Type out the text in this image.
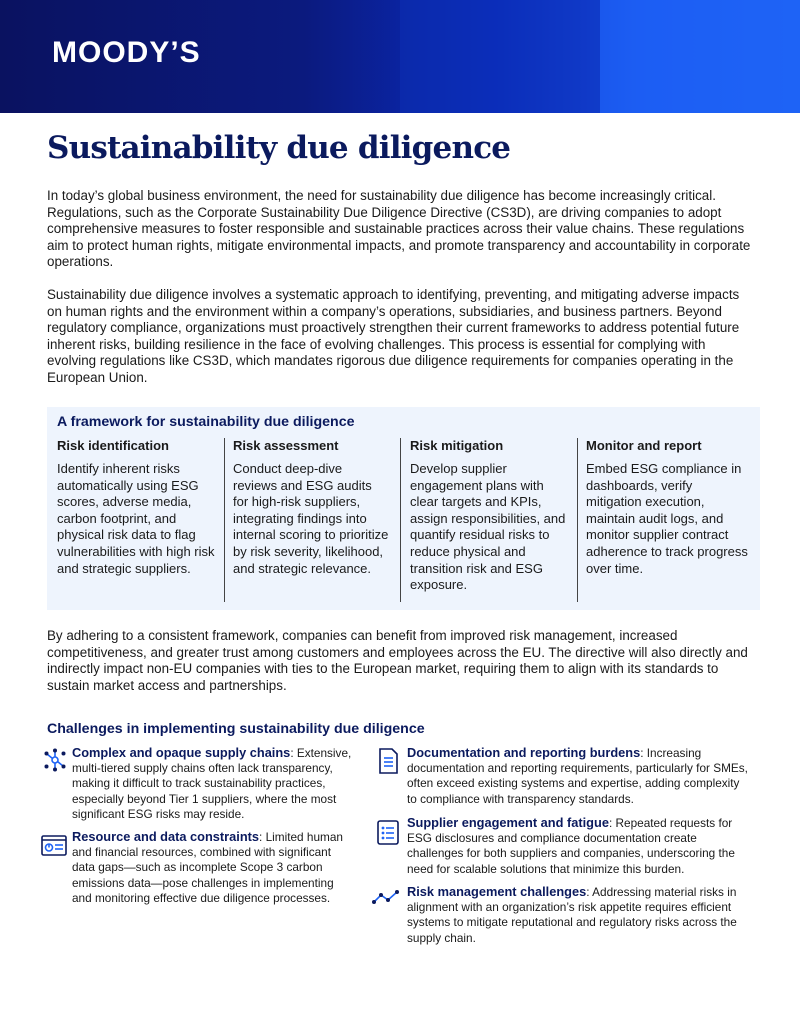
MOODY’S
Sustainability due diligence

In today’s global business environment, the need for sustainability due diligence has become increasingly critical. Regulations, such as the Corporate Sustainability Due Diligence Directive (CS3D), are driving companies to adopt comprehensive measures to foster responsible and sustainable practices across their value chains. These regulations aim to protect human rights, mitigate environmental impacts, and promote transparency and accountability in corporate operations.

Sustainability due diligence involves a systematic approach to identifying, preventing, and mitigating adverse impacts on human rights and the environment within a company’s operations, subsidiaries, and business partners. Beyond regulatory compliance, organizations must proactively strengthen their current frameworks to address potential future inherent risks, building resilience in the face of evolving challenges. This process is essential for complying with evolving regulations like CS3D, which mandates rigorous due diligence requirements for companies operating in the European Union.

A framework for sustainability due diligence

Risk identification

Identify inherent risks automatically using ESG scores, adverse media, carbon footprint, and physical risk data to flag vulnerabilities with high risk and strategic suppliers.

Risk assessment

Conduct deep-dive reviews and ESG audits for high-risk suppliers, integrating findings into internal scoring to prioritize by risk severity, likelihood, and strategic relevance.

Risk mitigation

Develop supplier engagement plans with clear targets and KPIs, assign responsibilities, and quantify residual risks to reduce physical and transition risk and ESG exposure.

Monitor and report

Embed ESG compliance in dashboards, verify mitigation execution, maintain audit logs, and monitor supplier contract adherence to track progress over time.

By adhering to a consistent framework, companies can benefit from improved risk management, increased competitiveness, and greater trust among customers and employees across the EU. The directive will also directly and indirectly impact non-EU companies with ties to the European market, requiring them to align with its standards to sustain market access and partnerships.

Challenges in implementing sustainability due diligence
Complex and opaque supply chains: Extensive, multi-tiered supply chains often lack transparency, making it difficult to track sustainability practices, especially beyond Tier 1 suppliers, where the most significant ESG risks may reside.
Resource and data constraints: Limited human and financial resources, combined with significant data gaps—such as incomplete Scope 3 carbon emissions data—pose challenges in implementing and monitoring effective due diligence processes.
Documentation and reporting burdens: Increasing documentation and reporting requirements, particularly for SMEs, often exceed existing systems and expertise, adding complexity to compliance with transparency standards.
Supplier engagement and fatigue: Repeated requests for ESG disclosures and compliance documentation create challenges for both suppliers and companies, underscoring the need for scalable solutions that minimize this burden.
Risk management challenges: Addressing material risks in alignment with an organization’s risk appetite requires efficient systems to mitigate reputational and regulatory risks across the supply chain.
